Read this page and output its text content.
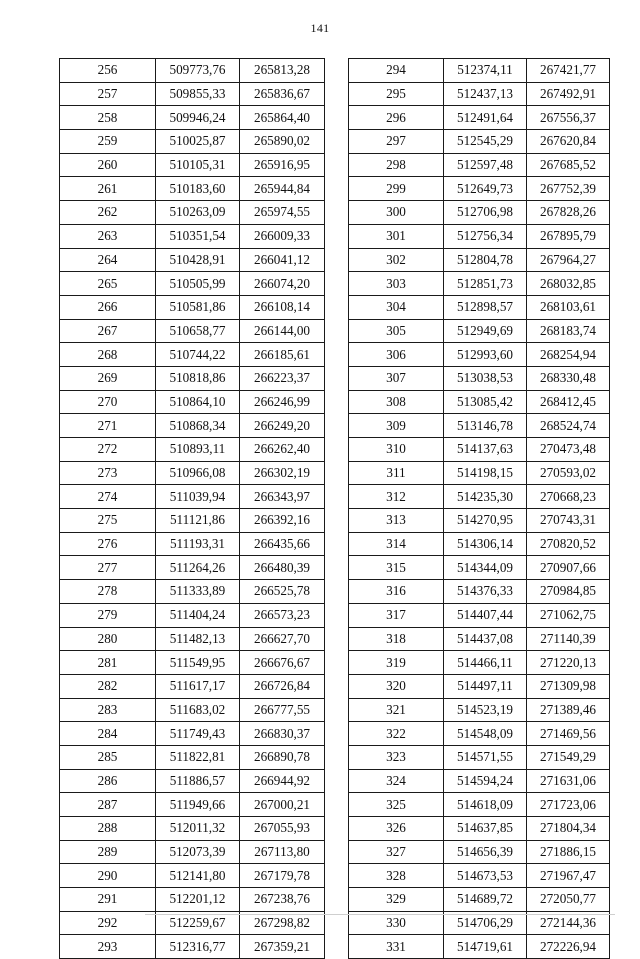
141
256	509773,76	265813,28
257	509855,33	265836,67
258	509946,24	265864,40
259	510025,87	265890,02
260	510105,31	265916,95
261	510183,60	265944,84
262	510263,09	265974,55
263	510351,54	266009,33
264	510428,91	266041,12
265	510505,99	266074,20
266	510581,86	266108,14
267	510658,77	266144,00
268	510744,22	266185,61
269	510818,86	266223,37
270	510864,10	266246,99
271	510868,34	266249,20
272	510893,11	266262,40
273	510966,08	266302,19
274	511039,94	266343,97
275	511121,86	266392,16
276	511193,31	266435,66
277	511264,26	266480,39
278	511333,89	266525,78
279	511404,24	266573,23
280	511482,13	266627,70
281	511549,95	266676,67
282	511617,17	266726,84
283	511683,02	266777,55
284	511749,43	266830,37
285	511822,81	266890,78
286	511886,57	266944,92
287	511949,66	267000,21
288	512011,32	267055,93
289	512073,39	267113,80
290	512141,80	267179,78
291	512201,12	267238,76
292	512259,67	267298,82
293	512316,77	267359,21
294	512374,11	267421,77
295	512437,13	267492,91
296	512491,64	267556,37
297	512545,29	267620,84
298	512597,48	267685,52
299	512649,73	267752,39
300	512706,98	267828,26
301	512756,34	267895,79
302	512804,78	267964,27
303	512851,73	268032,85
304	512898,57	268103,61
305	512949,69	268183,74
306	512993,60	268254,94
307	513038,53	268330,48
308	513085,42	268412,45
309	513146,78	268524,74
310	514137,63	270473,48
311	514198,15	270593,02
312	514235,30	270668,23
313	514270,95	270743,31
314	514306,14	270820,52
315	514344,09	270907,66
316	514376,33	270984,85
317	514407,44	271062,75
318	514437,08	271140,39
319	514466,11	271220,13
320	514497,11	271309,98
321	514523,19	271389,46
322	514548,09	271469,56
323	514571,55	271549,29
324	514594,24	271631,06
325	514618,09	271723,06
326	514637,85	271804,34
327	514656,39	271886,15
328	514673,53	271967,47
329	514689,72	272050,77
330	514706,29	272144,36
331	514719,61	272226,94
